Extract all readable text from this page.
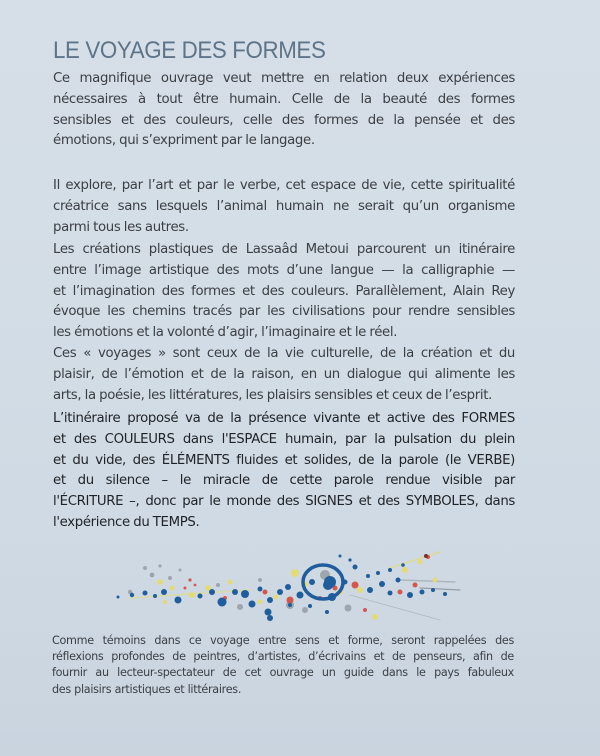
LE VOYAGE DES FORMES

Ce magnifique ouvrage veut mettre en relation deux expériences
nécessaires à tout être humain. Celle de la beauté des formes
sensibles et des couleurs, celle des formes de la pensée et des
émotions, qui s’expriment par le langage.

Il explore, par l’art et par le verbe, cet espace de vie, cette spiritualité
créatrice sans lesquels l’animal humain ne serait qu’un organisme
parmi tous les autres.

Les créations plastiques de Lassaâd Metoui parcourent un itinéraire
entre l’image artistique des mots d’une langue — la calligraphie —
et l’imagination des formes et des couleurs. Parallèlement, Alain Rey
évoque les chemins tracés par les civilisations pour rendre sensibles
les émotions et la volonté d’agir, l’imaginaire et le réel.

Ces « voyages » sont ceux de la vie culturelle, de la création et du
plaisir, de l’émotion et de la raison, en un dialogue qui alimente les
arts, la poésie, les littératures, les plaisirs sensibles et ceux de l’esprit.

L’itinéraire proposé va de la présence vivante et active des FORMES
et des COULEURS dans l'ESPACE humain, par la pulsation du plein
et du vide, des ÉLÉMENTS fluides et solides, de la parole (le VERBE)
et du silence – le miracle de cette parole rendue visible par
l'ÉCRITURE –, donc par le monde des SIGNES et des SYMBOLES, dans
l'expérience du TEMPS.

Comme témoins dans ce voyage entre sens et forme, seront rappelées des
réflexions profondes de peintres, d’artistes, d’écrivains et de penseurs, afin de
fournir au lecteur-spectateur de cet ouvrage un guide dans le pays fabuleux
des plaisirs artistiques et littéraires.
